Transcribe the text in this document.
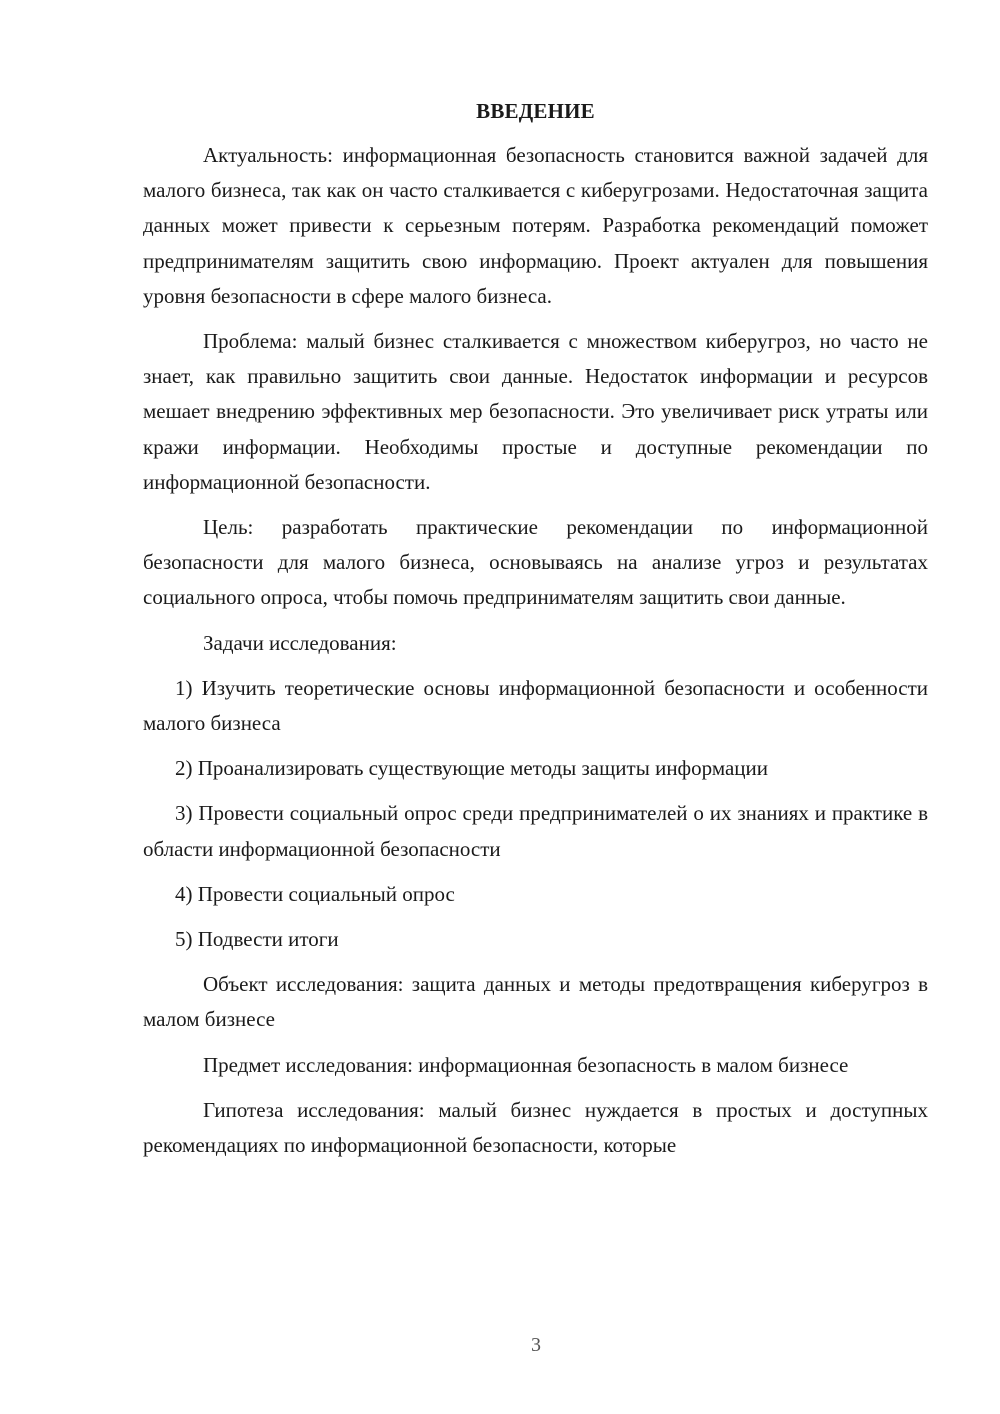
ВВЕДЕНИЕ

Актуальность: информационная безопасность становится важной задачей для малого бизнеса, так как он часто сталкивается с киберугрозами. Недостаточная защита данных может привести к серьезным потерям. Разработка рекомендаций поможет предпринимателям защитить свою информацию. Проект актуален для повышения уровня безопасности в сфере малого бизнеса.

Проблема: малый бизнес сталкивается с множеством киберугроз, но часто не знает, как правильно защитить свои данные. Недостаток информации и ресурсов мешает внедрению эффективных мер безопасности. Это увеличивает риск утраты или кражи информации. Необходимы простые и доступные рекомендации по информационной безопасности.

Цель: разработать практические рекомендации по информационной безопасности для малого бизнеса, основываясь на анализе угроз и результатах социального опроса, чтобы помочь предпринимателям защитить свои данные.

Задачи исследования:

1) Изучить теоретические основы информационной безопасности и особенности малого бизнеса

2) Проанализировать существующие методы защиты информации

3) Провести социальный опрос среди предпринимателей о их знаниях и практике в области информационной безопасности

4) Провести социальный опрос

5) Подвести итоги

Объект исследования: защита данных и методы предотвращения киберугроз в малом бизнесе

Предмет исследования: информационная безопасность в малом бизнесе

Гипотеза исследования: малый бизнес нуждается в простых и доступных рекомендациях по информационной безопасности, которые

3
